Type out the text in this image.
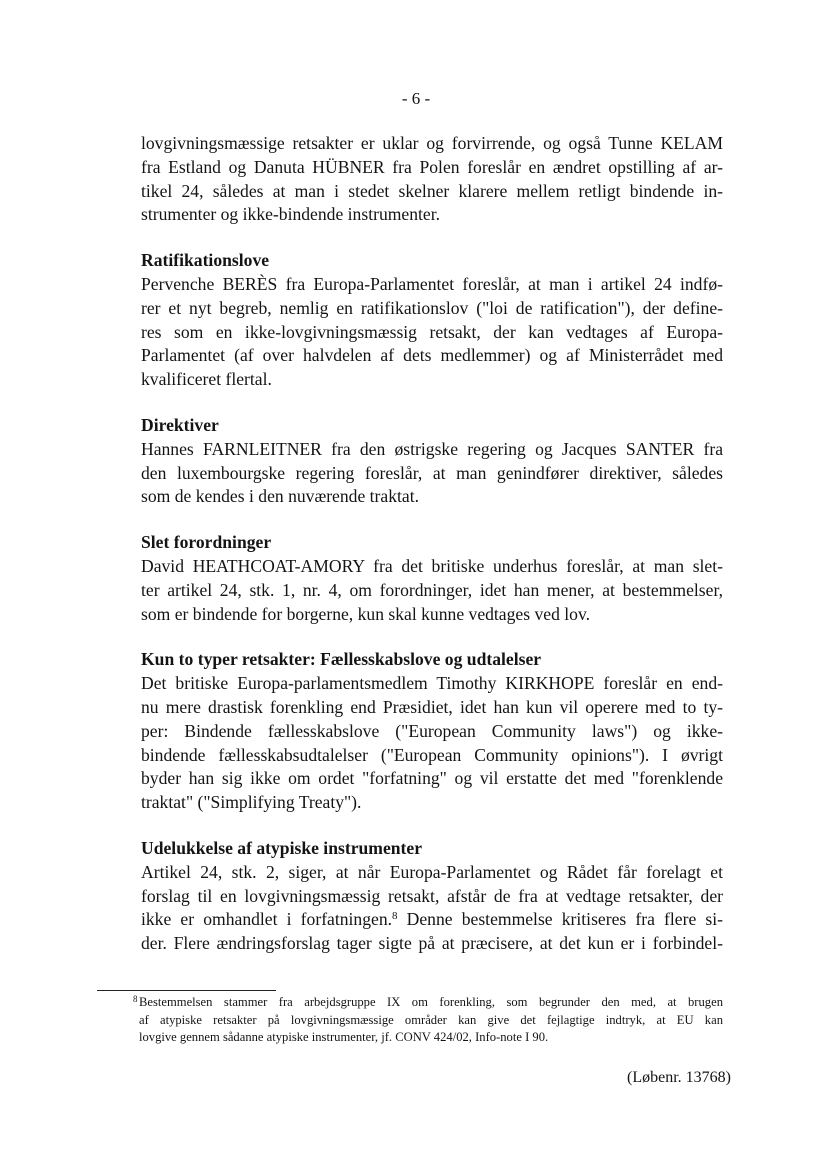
- 6 -

lovgivningsmæssige retsakter er uklar og forvirrende, og også Tunne KELAM
fra Estland og Danuta HÜBNER fra Polen foreslår en ændret opstilling af ar-
tikel 24, således at man i stedet skelner klarere mellem retligt bindende in-
strumenter og ikke-bindende instrumenter.

Ratifikationslove

Pervenche BERÈS fra Europa-Parlamentet foreslår, at man i artikel 24 indfø-
rer et nyt begreb, nemlig en ratifikationslov ("loi de ratification"), der define-
res som en ikke-lovgivningsmæssig retsakt, der kan vedtages af Europa-
Parlamentet (af over halvdelen af dets medlemmer) og af Ministerrådet med
kvalificeret flertal.

Direktiver

Hannes FARNLEITNER fra den østrigske regering og Jacques SANTER fra
den luxembourgske regering foreslår, at man genindfører direktiver, således
som de kendes i den nuværende traktat.

Slet forordninger

David HEATHCOAT-AMORY fra det britiske underhus foreslår, at man slet-
ter artikel 24, stk. 1, nr. 4, om forordninger, idet han mener, at bestemmelser,
som er bindende for borgerne, kun skal kunne vedtages ved lov.

Kun to typer retsakter: Fællesskabslove og udtalelser

Det britiske Europa-parlamentsmedlem Timothy KIRKHOPE foreslår en end-
nu mere drastisk forenkling end Præsidiet, idet han kun vil operere med to ty-
per: Bindende fællesskabslove ("European Community laws") og ikke-
bindende fællesskabsudtalelser ("European Community opinions"). I øvrigt
byder han sig ikke om ordet "forfatning" og vil erstatte det med "forenklende
traktat" ("Simplifying Treaty").

Udelukkelse af atypiske instrumenter

Artikel 24, stk. 2, siger, at når Europa-Parlamentet og Rådet får forelagt et
forslag til en lovgivningsmæssig retsakt, afstår de fra at vedtage retsakter, der
ikke er omhandlet i forfatningen.$^8$ Denne bestemmelse kritiseres fra flere si-
der. Flere ændringsforslag tager sigte på at præcisere, at det kun er i forbindel-

8 Bestemmelsen stammer fra arbejdsgruppe IX om forenkling, som begrunder den med, at brugen
af atypiske retsakter på lovgivningsmæssige områder kan give det fejlagtige indtryk, at EU kan
lovgive gennem sådanne atypiske instrumenter, jf. CONV 424/02, Info-note I 90.
(Løbenr. 13768)
